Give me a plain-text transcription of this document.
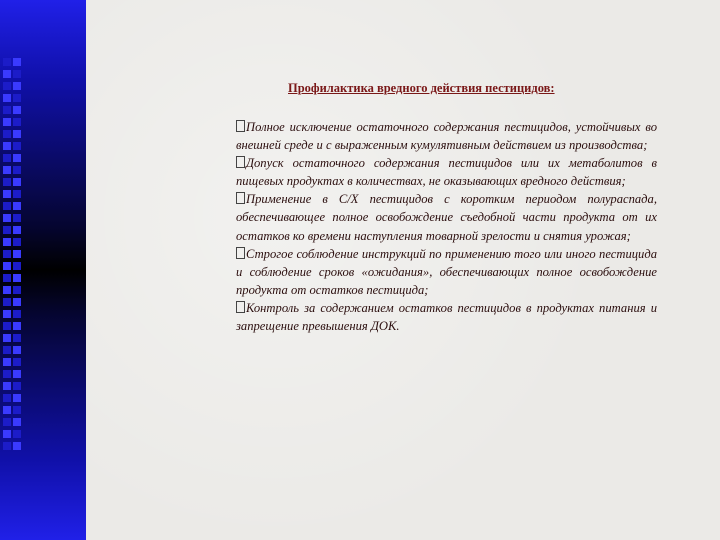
Профилактика вредного действия пестицидов:

Полное исключение остаточного содержания пестицидов, устойчивых во внешней среде и с выраженным кумулятивным действием из производства;

Допуск остаточного содержания пестицидов или их метаболитов в пищевых продуктах в количествах, не оказывающих вредного действия;

Применение в С/Х пестицидов с коротким периодом полураспада, обеспечивающее полное освобождение съедобной части продукта от их остатков ко времени наступления товарной зрелости и снятия урожая;

Строгое соблюдение инструкций по применению того или иного пестицида и соблюдение сроков «ожидания», обеспечивающих полное освобождение продукта от остатков пестицида;

Контроль за содержанием остатков пестицидов в продуктах питания и запрещение превышения ДОК.
